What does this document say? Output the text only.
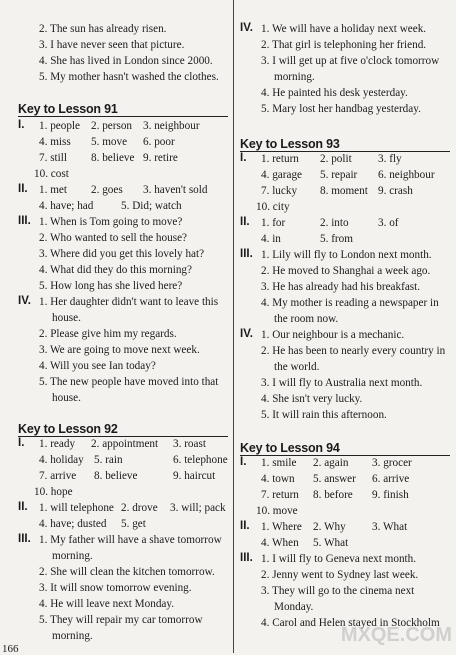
2. The sun has already risen.
3. I have never seen that picture.
4. She has lived in London since 2000.
5. My mother hasn't washed the clothes.
Key to Lesson 91
I. 1. people 2. person 3. neighbour
4. miss 5. move 6. poor
7. still 8. believe 9. retire
10. cost
II. 1. met 2. goes 3. haven't sold
4. have; had 5. Did; watch
III. 1. When is Tom going to move?
2. Who wanted to sell the house?
3. Where did you get this lovely hat?
4. What did they do this morning?
5. How long has she lived here?
IV. 1. Her daughter didn't want to leave this
house.
2. Please give him my regards.
3. We are going to move next week.
4. Will you see Ian today?
5. The new people have moved into that
house.
Key to Lesson 92
I. 1. ready 2. appointment 3. roast
4. holiday 5. rain	6. telephone
7. arrive 8. believe	9. haircut
10. hope
II. 1. will telephone 2. drove 3. will; pack
4. have; dusted 5. get
III. 1. My father will have a shave tomorrow
morning.
2. She will clean the kitchen tomorrow.
3. It will snow tomorrow evening.
4. He will leave next Monday.
5. They will repair my car tomorrow
morning.
166
IV. 1. We will have a holiday next week.
2. That girl is telephoning her friend.
3. I will get up at five o'clock tomorrow
morning.
4. He painted his desk yesterday.
5. Mary lost her handbag yesterday.
Key to Lesson 93
I. 1. return 2. polit 3. fly
4. garage 5. repair 6. neighbour
7. lucky 8. moment 9. crash
10. city
II. 1. for	2. into	3. of
4. in	5. from
III. 1. Lily will fly to London next month.
2. He moved to Shanghai a week ago.
3. He has already had his breakfast.
4. My mother is reading a newspaper in
the room now.
IV. 1. Our neighbour is a mechanic.
2. He has been to nearly every country in
the world.
3. I will fly to Australia next month.
4. She isn't very lucky.
5. It will rain this afternoon.
Key to Lesson 94
I. 1. smile 2. again 3. grocer
4. town 5. answer 6. arrive
7. return 8. before 9. finish
10. move
II. 1. Where 2. Why 3. What
4. When 5. What
III. 1. I will fly to Geneva next month.
2. Jenny went to Sydney last week.
3. They will go to the cinema next
Monday.
4. Carol and Helen stayed in Stockholm
MXQE.COM
